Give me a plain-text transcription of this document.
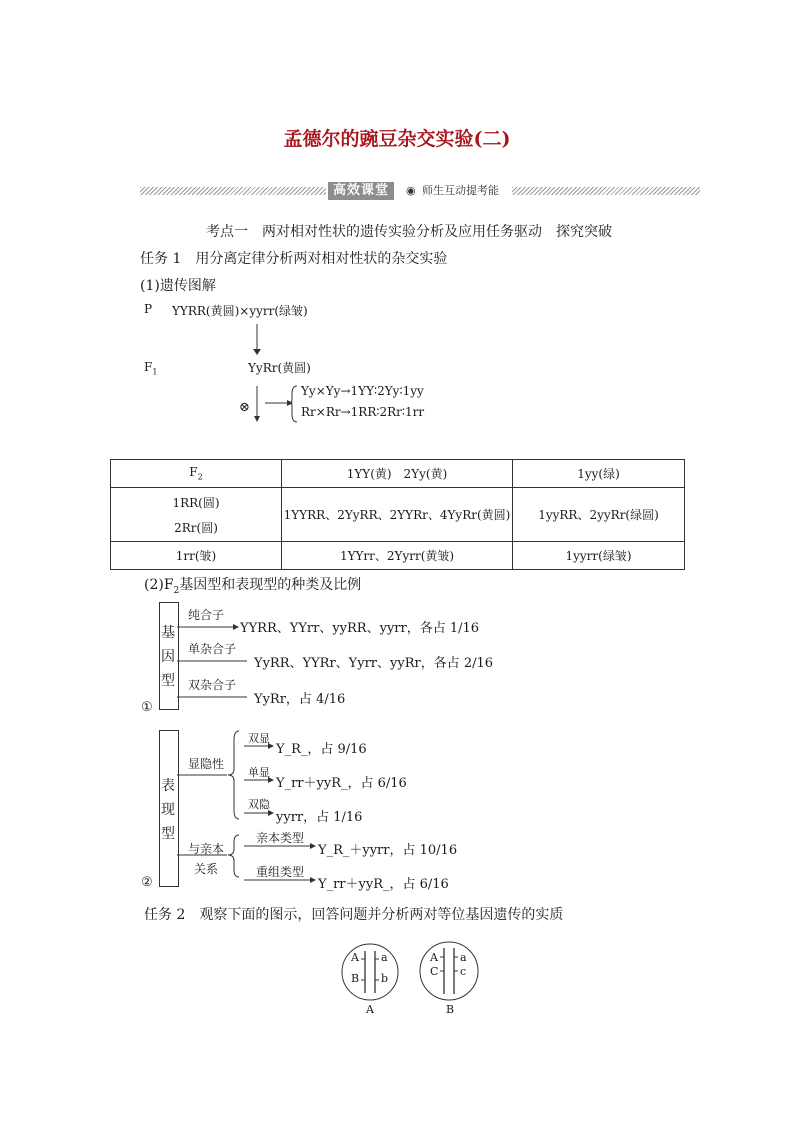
孟德尔的豌豆杂交实验(二)
高效课堂	◉ 师生互动提考能
考点一　两对相对性状的遗传实验分析及应用任务驱动　探究突破
任务 1　用分离定律分析两对相对性状的杂交实验
(1)遗传图解
P YYRR(黄圆)×yyrr(绿皱)
$F_1$	YyRr(黄圆)
⊗
Yy×Yy→1YY∶2Yy∶1yy
Rr×Rr→1RR∶2Rr∶1rr
$F_2$	1YY(黄)　2Yy(黄)	1yy(绿)

1RR(圆)
2Rr(圆)	1YYRR、2YyRR、2YYRr、4YyRr(黄圆)	1yyRR、2yyRr(绿圆)
1rr(皱)	1YYrr、2Yyrr(黄皱)	1yyrr(绿皱)
$(2)F_2$基因型和表现型的种类及比例
基
因
型
①
纯合子
YYRR、YYrr、yyRR、yyrr，各占 1/16
单杂合子
YyRR、YYRr、Yyrr、yyRr，各占 2/16
双杂合子
YyRr，占 4/16
表
现
型
②
显隐性
与亲本
关系
双显
Y_R_，占 9/16
单显
Y_rr＋yyR_，占 6/16
双隐
yyrr，占 1/16
亲本类型
Y_R_＋yyrr，占 10/16
重组类型
Y_rr＋yyR_，占 6/16
任务 2　观察下面的图示，回答问题并分析两对等位基因遗传的实质
A a
B b
A
A a
C c
B
